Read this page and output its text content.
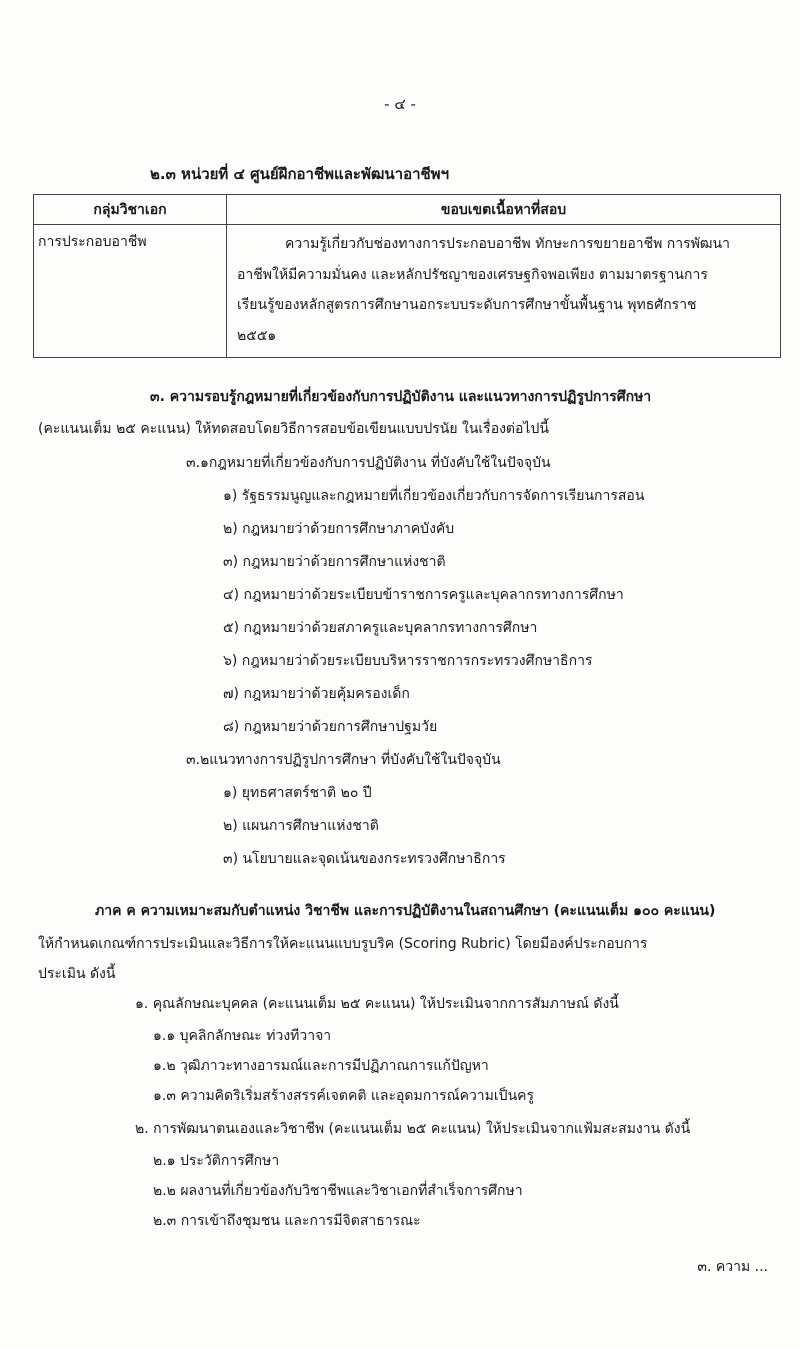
- ๔ -
๒.๓ หน่วยที่ ๔ ศูนย์ฝึกอาชีพและพัฒนาอาชีพฯ
กลุ่มวิชาเอก	ขอบเขตเนื้อหาที่สอบ
การประกอบอาชีพ	ความรู้เกี่ยวกับช่องทางการประกอบอาชีพ ทักษะการขยายอาชีพ การพัฒนา
อาชีพให้มีความมั่นคง และหลักปรัชญาของเศรษฐกิจพอเพียง ตามมาตรฐานการ
เรียนรู้ของหลักสูตรการศึกษานอกระบบระดับการศึกษาขั้นพื้นฐาน พุทธศักราช
๒๕๕๑
๓. ความรอบรู้กฎหมายที่เกี่ยวข้องกับการปฏิบัติงาน และแนวทางการปฏิรูปการศึกษา
(คะแนนเต็ม ๒๕ คะแนน) ให้ทดสอบโดยวิธีการสอบข้อเขียนแบบปรนัย ในเรื่องต่อไปนี้
๓.๑กฎหมายที่เกี่ยวข้องกับการปฏิบัติงาน ที่บังคับใช้ในปัจจุบัน
๑) รัฐธรรมนูญและกฎหมายที่เกี่ยวข้องเกี่ยวกับการจัดการเรียนการสอน
๒) กฎหมายว่าด้วยการศึกษาภาคบังคับ
๓) กฎหมายว่าด้วยการศึกษาแห่งชาติ
๔) กฎหมายว่าด้วยระเบียบข้าราชการครูและบุคลากรทางการศึกษา
๕) กฎหมายว่าด้วยสภาครูและบุคลากรทางการศึกษา
๖) กฎหมายว่าด้วยระเบียบบริหารราชการกระทรวงศึกษาธิการ
๗) กฎหมายว่าด้วยคุ้มครองเด็ก
๘) กฎหมายว่าด้วยการศึกษาปฐมวัย
๓.๒แนวทางการปฏิรูปการศึกษา ที่บังคับใช้ในปัจจุบัน
๑) ยุทธศาสตร์ชาติ ๒๐ ปี
๒) แผนการศึกษาแห่งชาติ
๓) นโยบายและจุดเน้นของกระทรวงศึกษาธิการ
ภาค ค ความเหมาะสมกับตำแหน่ง วิชาชีพ และการปฏิบัติงานในสถานศึกษา (คะแนนเต็ม ๑๐๐ คะแนน)
ให้กำหนดเกณฑ์การประเมินและวิธีการให้คะแนนแบบรูบริค (Scoring Rubric) โดยมีองค์ประกอบการ
ประเมิน ดังนี้
๑. คุณลักษณะบุคคล (คะแนนเต็ม ๒๕ คะแนน) ให้ประเมินจากการสัมภาษณ์ ดังนี้
๑.๑ บุคลิกลักษณะ ท่วงทีวาจา
๑.๒ วุฒิภาวะทางอารมณ์และการมีปฏิภาณการแก้ปัญหา
๑.๓ ความคิดริเริ่มสร้างสรรค์เจตคติ และอุดมการณ์ความเป็นครู
๒. การพัฒนาตนเองและวิชาชีพ (คะแนนเต็ม ๒๕ คะแนน) ให้ประเมินจากแฟ้มสะสมงาน ดังนี้
๒.๑ ประวัติการศึกษา
๒.๒ ผลงานที่เกี่ยวข้องกับวิชาชีพและวิชาเอกที่สำเร็จการศึกษา
๒.๓ การเข้าถึงชุมชน และการมีจิตสาธารณะ
๓. ความ ...
